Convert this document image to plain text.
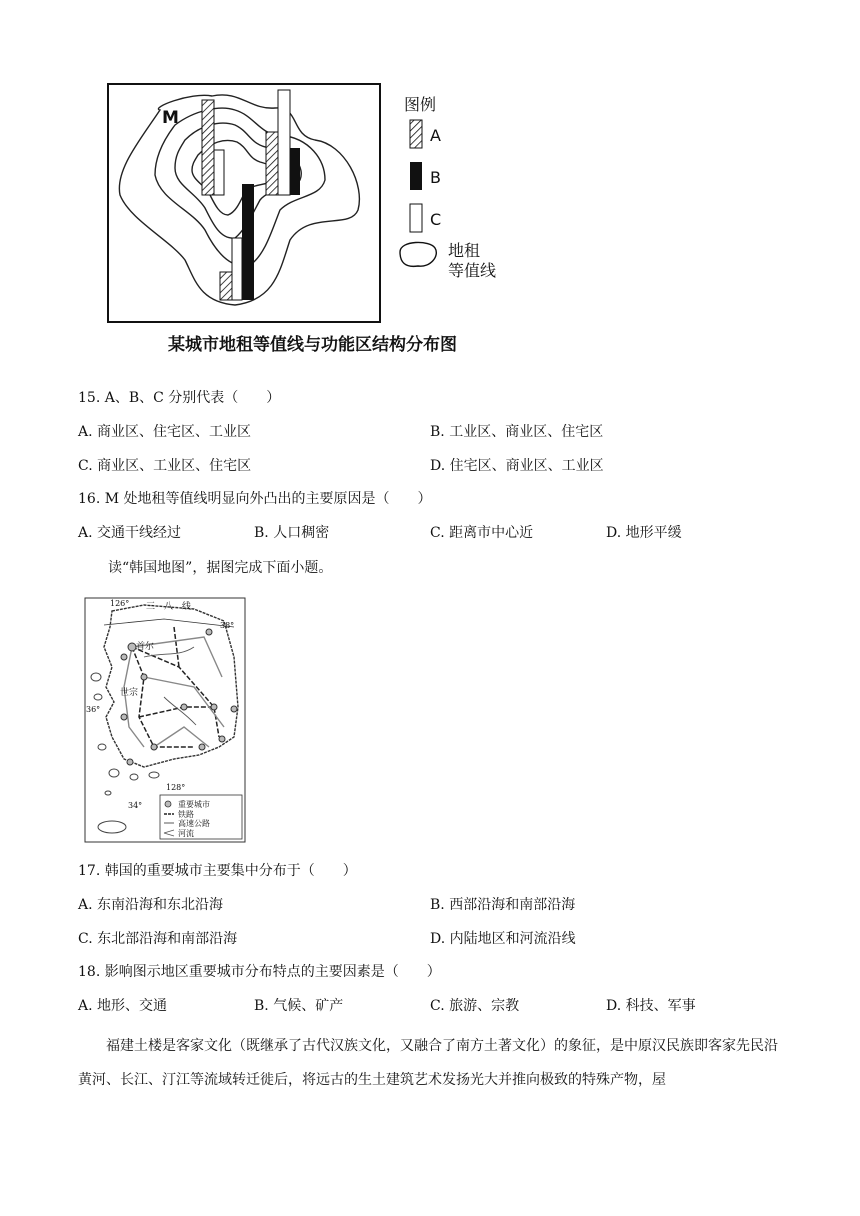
M
图例
A
B
C
地租
等值线
某城市地租等值线与功能区结构分布图
15. A、B、C 分别代表（　　）
A. 商业区、住宅区、工业区	B. 工业区、商业区、住宅区
C. 商业区、工业区、住宅区	D. 住宅区、商业区、工业区
16. M 处地租等值线明显向外凸出的主要原因是（　　）
A. 交通干线经过	B. 人口稠密	C. 距离市中心近	D. 地形平缓
读“韩国地图”，据图完成下面小题。
126° 三　八　线
38°
36°
128°
34°
首尔
世宗
重要城市
铁路
高速公路
河流
17. 韩国的重要城市主要集中分布于（　　）
A. 东南沿海和东北沿海	B. 西部沿海和南部沿海
C. 东北部沿海和南部沿海	D. 内陆地区和河流沿线
18. 影响图示地区重要城市分布特点的主要因素是（　　）
A. 地形、交通	B. 气候、矿产	C. 旅游、宗教	D. 科技、军事
福建土楼是客家文化（既继承了古代汉族文化，又融合了南方土著文化）的象征，是中原汉民族即客家先民沿黄河、长江、汀江等流域转迁徙后，将远古的生土建筑艺术发扬光大并推向极致的特殊产物，屋
